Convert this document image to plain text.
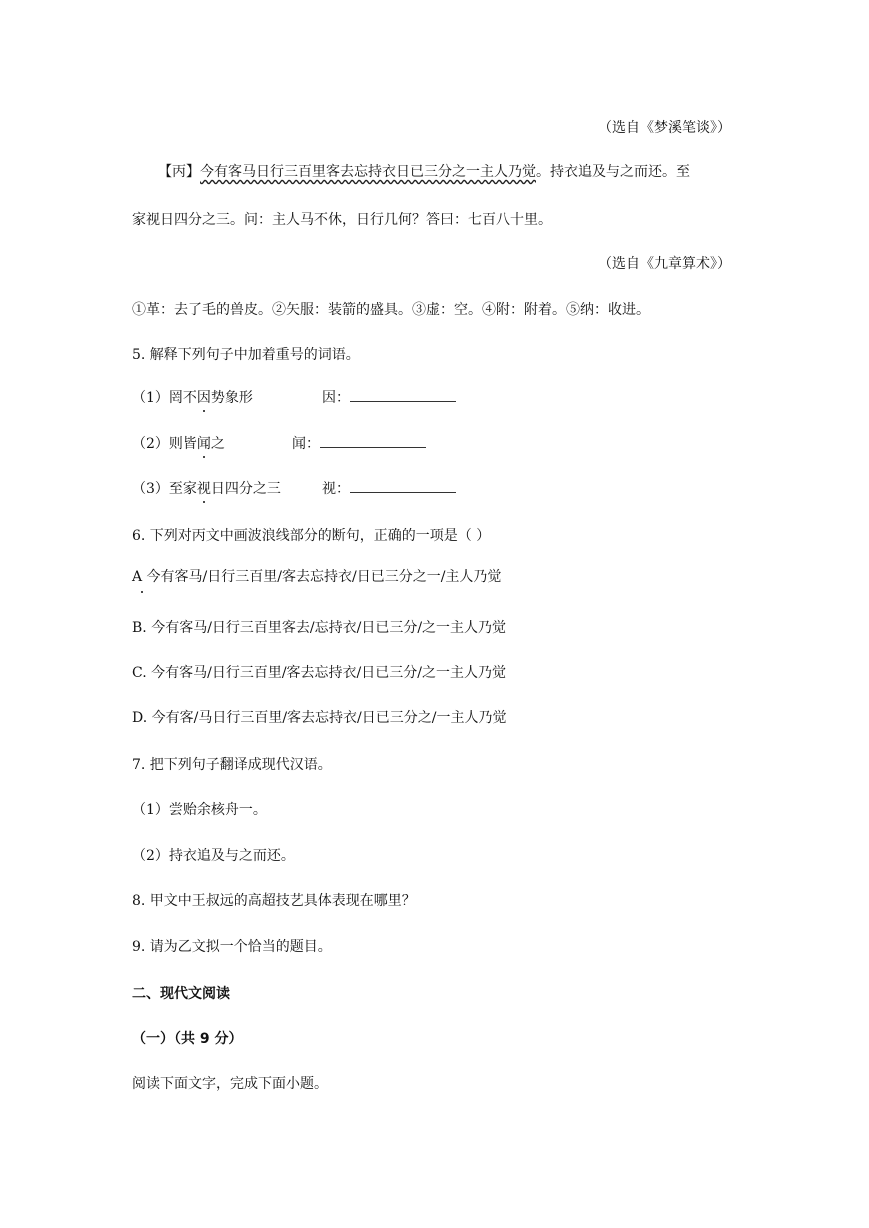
（选自《梦溪笔谈》）
【丙】今有客马日行三百里客去忘持衣日已三分之一主人乃觉。持衣追及与之而还。至
家视日四分之三。问：主人马不休，日行几何？答曰：七百八十里。
（选自《九章算术》）
①革：去了毛的兽皮。②矢服：装箭的盛具。③虚：空。④附：附着。⑤纳：收进。
5. 解释下列句子中加着重号的词语。
（1）罔不因势象形	因：
（2）则皆闻之	闻：
（3）至家视日四分之三	视：
6. 下列对丙文中画波浪线部分的断句，正确的一项是（ ）
A 今有客马/日行三百里/客去忘持衣/日已三分之一/主人乃觉
B. 今有客马/日行三百里客去/忘持衣/日已三分/之一主人乃觉
C. 今有客马/日行三百里/客去忘持衣/日已三分/之一主人乃觉
D. 今有客/马日行三百里/客去忘持衣/日已三分之/一主人乃觉
7. 把下列句子翻译成现代汉语。
（1）尝贻余核舟一。
（2）持衣追及与之而还。
8. 甲文中王叔远的高超技艺具体表现在哪里？
9. 请为乙文拟一个恰当的题目。
二、现代文阅读
（一）（共 9 分）
阅读下面文字，完成下面小题。
